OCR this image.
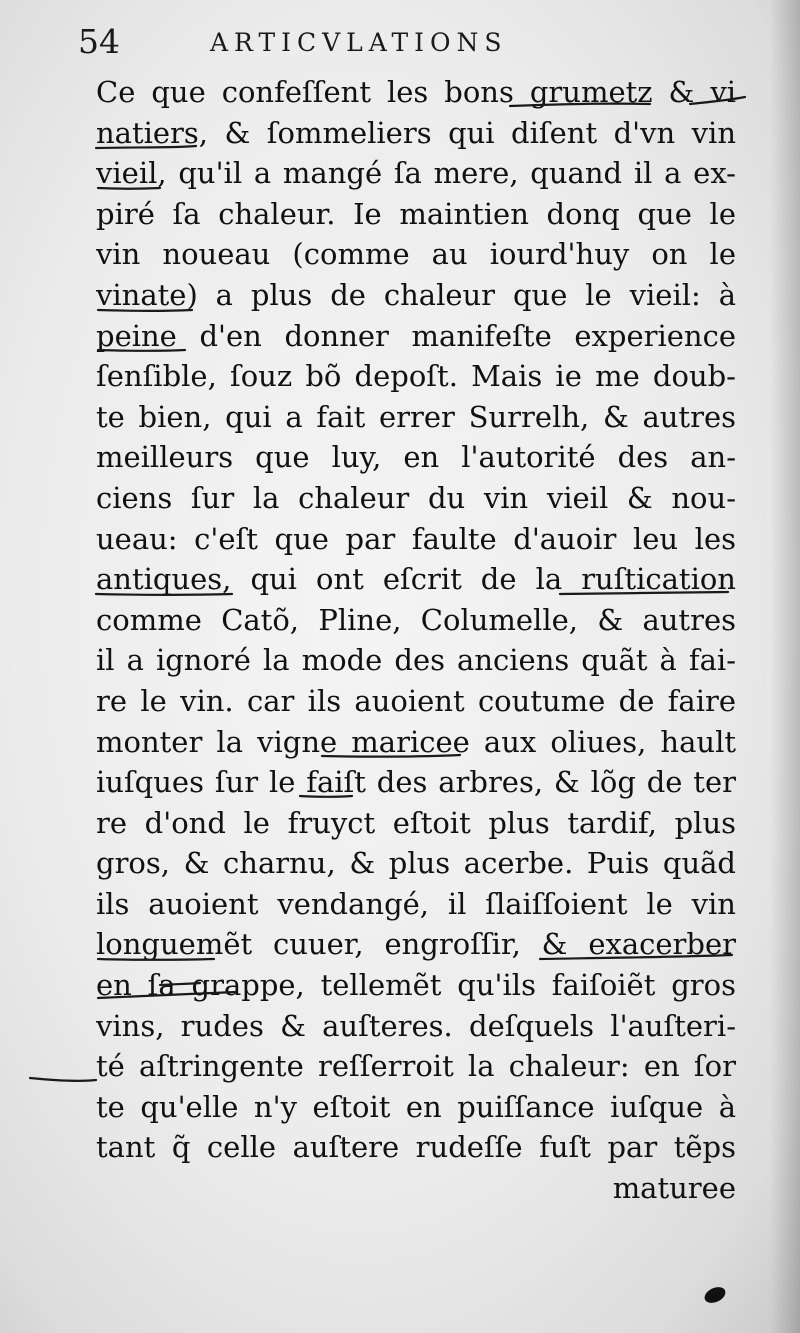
54	ARTICVLATIONS
Ce que confeſſent les bons grumetz & vi
natiers, & ſommeliers qui diſent d'vn vin
vieil, qu'il a mangé ſa mere, quand il a ex-
piré ſa chaleur. Ie maintien donq que le
vin noueau (comme au iourd'huy on le
vinate) a plus de chaleur que le vieil: à
peine d'en donner manifeſte experience
ſenſible, ſouz bõ depoſt. Mais ie me doub-
te bien, qui a fait errer Surrelh, & autres
meilleurs que luy, en l'autorité des an-
ciens ſur la chaleur du vin vieil & nou-
ueau: c'eſt que par faulte d'auoir leu les
antiques, qui ont eſcrit de la ruſtication
comme Catõ, Pline, Columelle, & autres
il a ignoré la mode des anciens quãt à fai-
re le vin. car ils auoient coutume de faire
monter la vigne maricee aux oliues, hault
iuſques ſur le faiſt des arbres, & lõg de ter
re d'ond le fruyct eſtoit plus tardif, plus
gros, & charnu, & plus acerbe. Puis quãd
ils auoient vendangé, il ſlaiſſoient le vin
longuemẽt cuuer, engroſſir, & exacerber
en ſa grappe, tellemẽt qu'ils faiſoiẽt gros
vins, rudes & auſteres. deſquels l'auſteri-
té aſtringente reſſerroit la chaleur: en ſor
te qu'elle n'y eſtoit en puiſſance iuſque à
tant q̃ celle auſtere rudeſſe fuſt par tẽps
maturee
